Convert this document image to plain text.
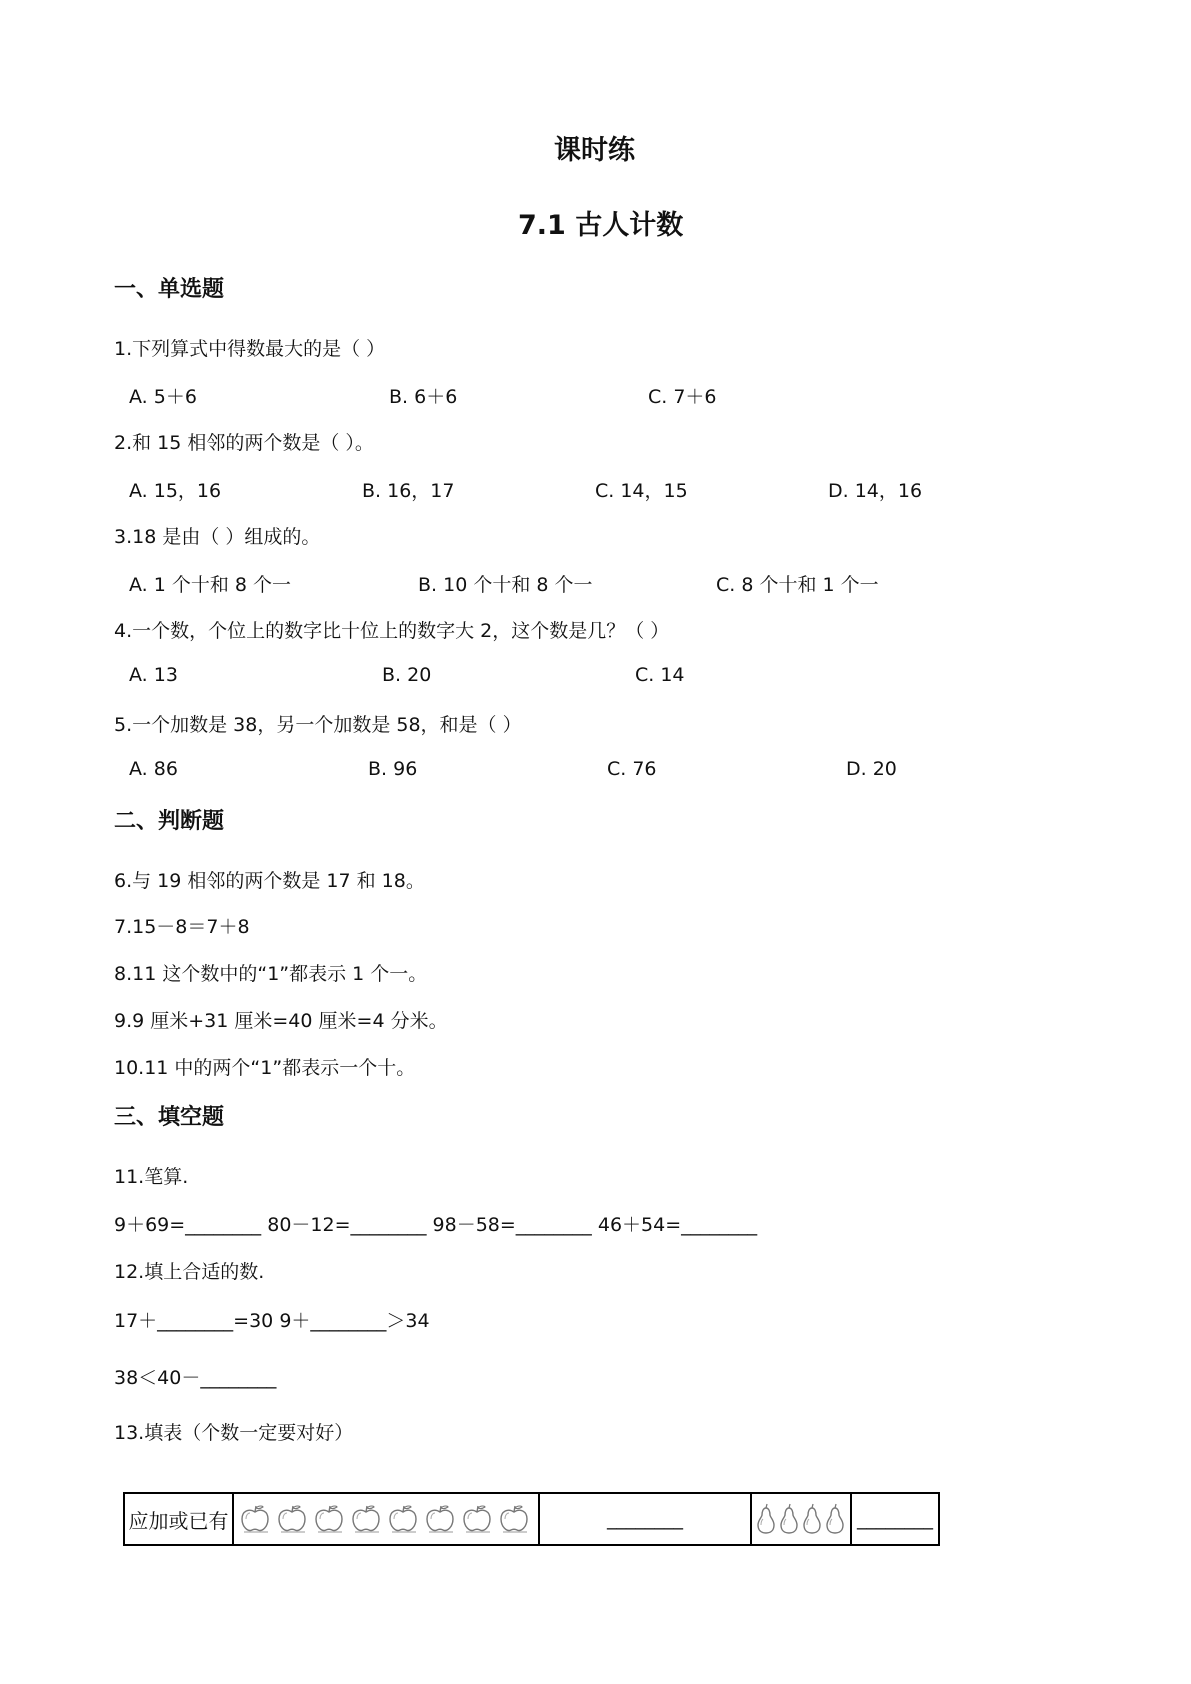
课时练
7.1 古人计数
一、单选题
1.下列算式中得数最大的是（ ）
A. 5＋6	B. 6＋6	C. 7＋6
2.和 15 相邻的两个数是（ ）。
A. 15，16	B. 16，17	C. 14，15	D. 14，16
3.18 是由（ ）组成的。
A. 1 个十和 8 个一	B. 10 个十和 8 个一	C. 8 个十和 1 个一
4.一个数，个位上的数字比十位上的数字大 2，这个数是几？（ ）
A. 13	B. 20	C. 14
5.一个加数是 38，另一个加数是 58，和是（ ）
A. 86	B. 96	C. 76	D. 20
二、判断题
6.与 19 相邻的两个数是 17 和 18。
7.15－8＝7＋8
8.11 这个数中的“1”都表示 1 个一。
9.9 厘米+31 厘米=40 厘米=4 分米。
10.11 中的两个“1”都表示一个十。
三、填空题
11.笔算.
9＋69=________ 80－12=________ 98－58=________ 46＋54=________
12.填上合适的数.
17＋________=30 9＋________＞34
38＜40－________
13.填表（个数一定要对好）
应加或已有		________		________
